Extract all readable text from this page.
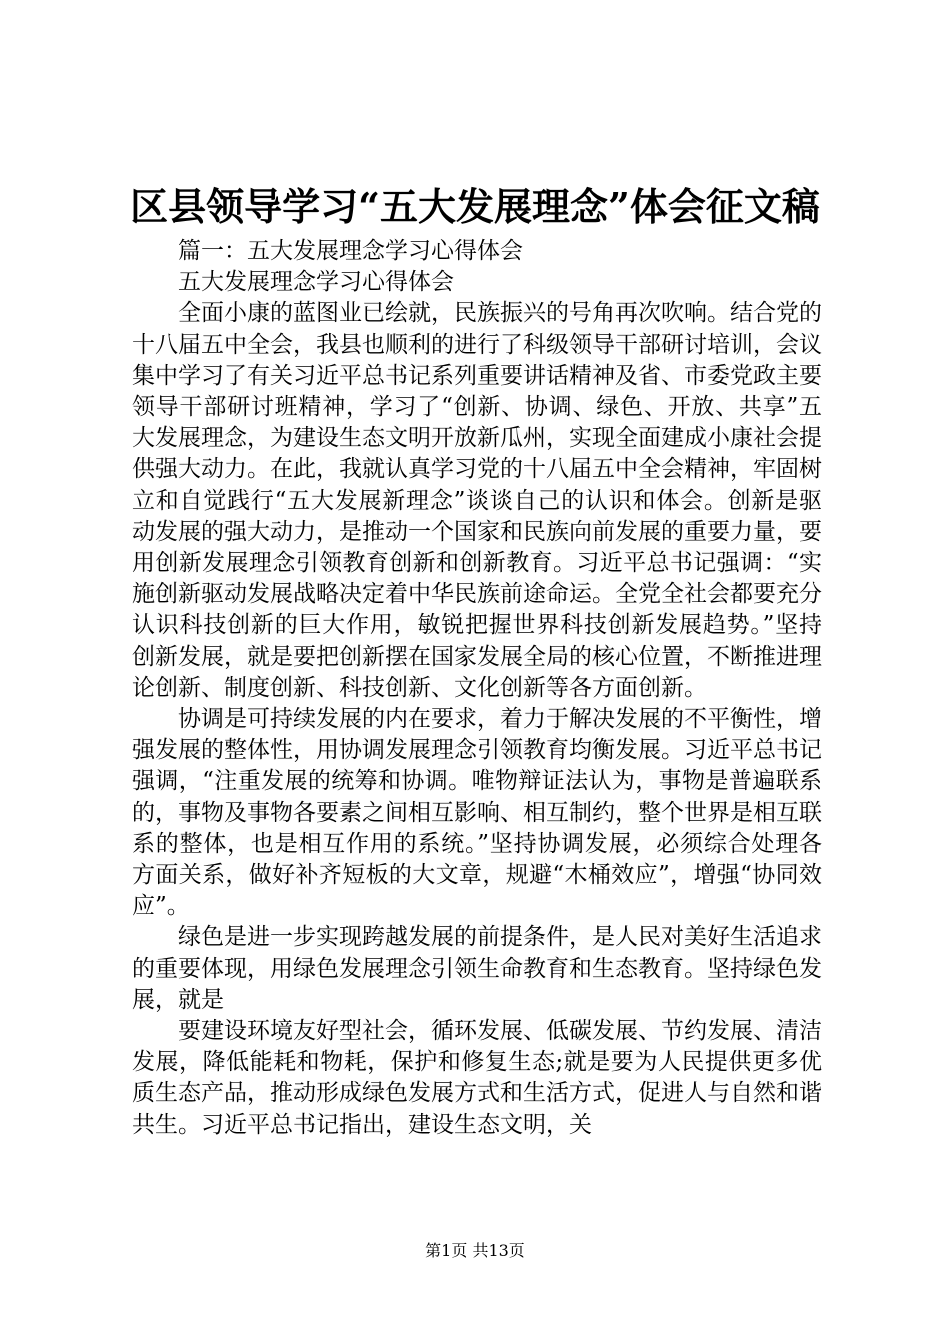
区县领导学习“五大发展理念”体会征文稿

篇一：五大发展理念学习心得体会

五大发展理念学习心得体会

全面小康的蓝图业已绘就，民族振兴的号角再次吹响。结合党的十八届五中全会，我县也顺利的进行了科级领导干部研讨培训，会议集中学习了有关习近平总书记系列重要讲话精神及省、市委党政主要领导干部研讨班精神，学习了“创新、协调、绿色、开放、共享”五大发展理念，为建设生态文明开放新瓜州，实现全面建成小康社会提供强大动力。在此，我就认真学习党的十八届五中全会精神，牢固树立和自觉践行“五大发展新理念”谈谈自己的认识和体会。创新是驱动发展的强大动力，是推动一个国家和民族向前发展的重要力量，要用创新发展理念引领教育创新和创新教育。习近平总书记强调：“实施创新驱动发展战略决定着中华民族前途命运。全党全社会都要充分认识科技创新的巨大作用，敏锐把握世界科技创新发展趋势。”坚持创新发展，就是要把创新摆在国家发展全局的核心位置，不断推进理论创新、制度创新、科技创新、文化创新等各方面创新。

协调是可持续发展的内在要求，着力于解决发展的不平衡性，增强发展的整体性，用协调发展理念引领教育均衡发展。习近平总书记强调，“注重发展的统筹和协调。唯物辩证法认为，事物是普遍联系的，事物及事物各要素之间相互影响、相互制约，整个世界是相互联系的整体，也是相互作用的系统。”坚持协调发展，必须综合处理各方面关系，做好补齐短板的大文章，规避“木桶效应”，增强“协同效应”。

绿色是进一步实现跨越发展的前提条件，是人民对美好生活追求的重要体现，用绿色发展理念引领生命教育和生态教育。坚持绿色发展，就是

要建设环境友好型社会，循环发展、低碳发展、节约发展、清洁发展，降低能耗和物耗，保护和修复生态;就是要为人民提供更多优质生态产品，推动形成绿色发展方式和生活方式，促进人与自然和谐共生。习近平总书记指出，建设生态文明，关

第1页 共13页
